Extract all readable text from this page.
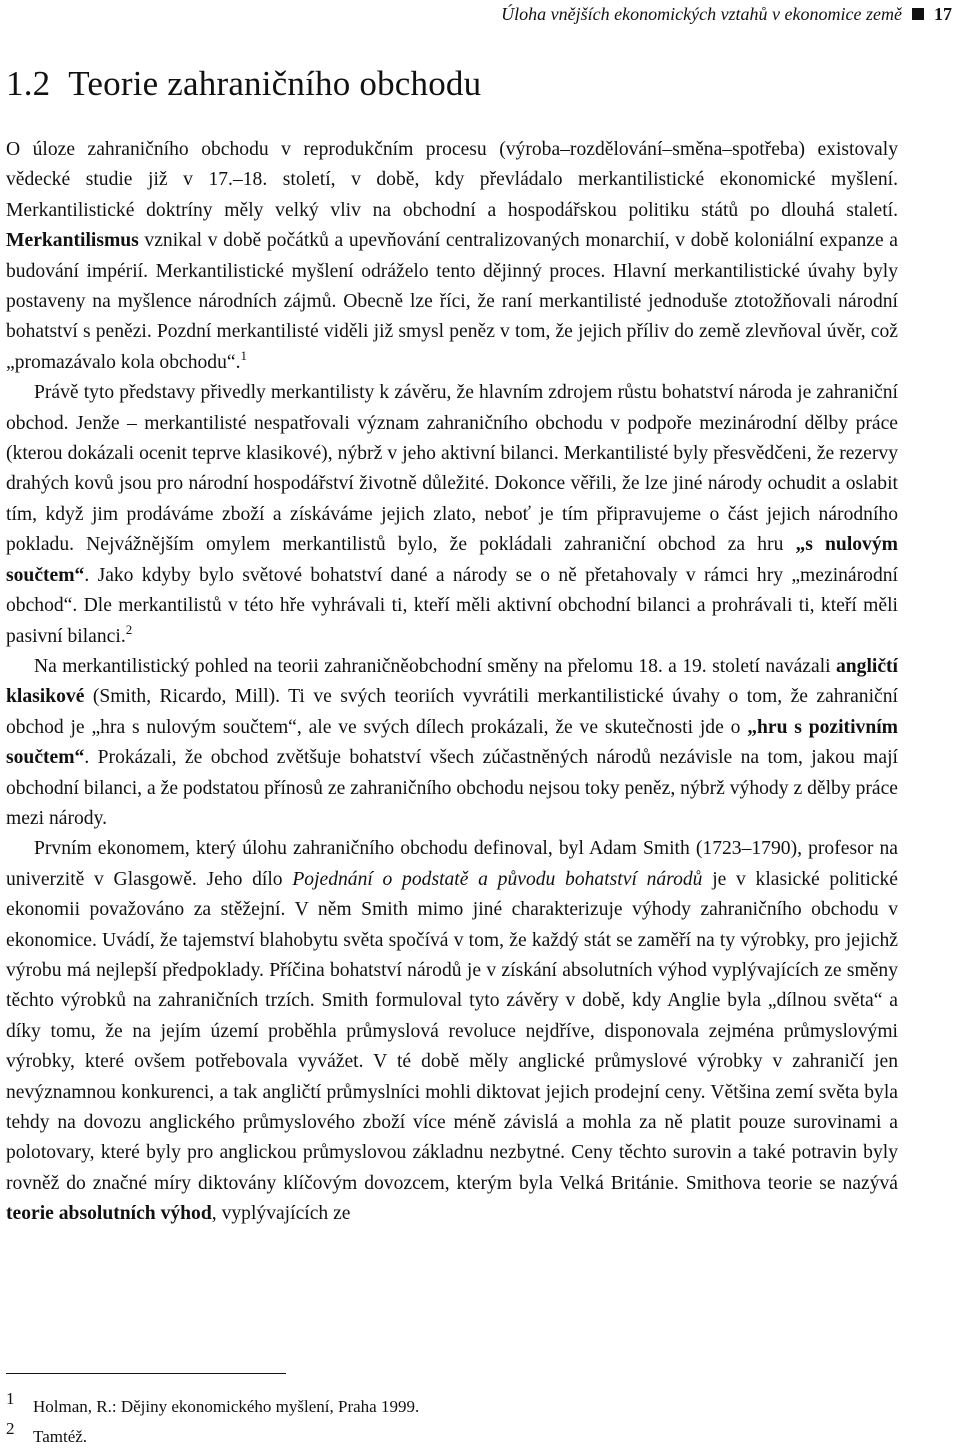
Úloha vnějších ekonomických vztahů v ekonomice země 17
1.2 Teorie zahraničního obchodu

O úloze zahraničního obchodu v reprodukčním procesu (výroba–rozdělování–směna–spotřeba) existovaly vědecké studie již v 17.–18. století, v době, kdy převládalo merkantilistické ekonomické myšlení. Merkantilistické doktríny měly velký vliv na obchodní a hospodářskou politiku států po dlouhá staletí. Merkantilismus vznikal v době počátků a upevňování centralizovaných monarchií, v době koloniální expanze a budování impérií. Merkantilistické myšlení odráželo tento dějinný proces. Hlavní merkantilistické úvahy byly postaveny na myšlence národních zájmů. Obecně lze říci, že raní merkantilisté jednoduše ztotožňovali národní bohatství s penězi. Pozdní merkantilisté viděli již smysl peněz v tom, že jejich příliv do země zlevňoval úvěr, což „promazávalo kola obchodu“.$^1$

Právě tyto představy přivedly merkantilisty k závěru, že hlavním zdrojem růstu bohatství národa je zahraniční obchod. Jenže – merkantilisté nespatřovali význam zahraničního obchodu v podpoře mezinárodní dělby práce (kterou dokázali ocenit teprve klasikové), nýbrž v jeho aktivní bilanci. Merkantilisté byly přesvědčeni, že rezervy drahých kovů jsou pro národní hospodářství životně důležité. Dokonce věřili, že lze jiné národy ochudit a oslabit tím, když jim prodáváme zboží a získáváme jejich zlato, neboť je tím připravujeme o část jejich národního pokladu. Nejvážnějším omylem merkantilistů bylo, že pokládali zahraniční obchod za hru „s nulovým součtem“. Jako kdyby bylo světové bohatství dané a národy se o ně přetahovaly v rámci hry „mezinárodní obchod“. Dle merkantilistů v této hře vyhrávali ti, kteří měli aktivní obchodní bilanci a prohrávali ti, kteří měli pasivní bilanci.$^2$

Na merkantilistický pohled na teorii zahraničněobchodní směny na přelomu 18. a 19. století navázali angličtí klasikové (Smith, Ricardo, Mill). Ti ve svých teoriích vyvrátili merkantilistické úvahy o tom, že zahraniční obchod je „hra s nulovým součtem“, ale ve svých dílech prokázali, že ve skutečnosti jde o „hru s pozitivním součtem“. Prokázali, že obchod zvětšuje bohatství všech zúčastněných národů nezávisle na tom, jakou mají obchodní bilanci, a že podstatou přínosů ze zahraničního obchodu nejsou toky peněz, nýbrž výhody z dělby práce mezi národy.

Prvním ekonomem, který úlohu zahraničního obchodu definoval, byl Adam Smith (1723–1790), profesor na univerzitě v Glasgowě. Jeho dílo Pojednání o podstatě a původu bohatství národů je v klasické politické ekonomii považováno za stěžejní. V něm Smith mimo jiné charakterizuje výhody zahraničního obchodu v ekonomice. Uvádí, že tajemství blahobytu světa spočívá v tom, že každý stát se zaměří na ty výrobky, pro jejichž výrobu má nejlepší předpoklady. Příčina bohatství národů je v získání absolutních výhod vyplývajících ze směny těchto výrobků na zahraničních trzích. Smith formuloval tyto závěry v době, kdy Anglie byla „dílnou světa“ a díky tomu, že na jejím území proběhla průmyslová revoluce nejdříve, disponovala zejména průmyslovými výrobky, které ovšem potřebovala vyvážet. V té době měly anglické průmyslové výrobky v zahraničí jen nevýznamnou konkurenci, a tak angličtí průmyslníci mohli diktovat jejich prodejní ceny. Většina zemí světa byla tehdy na dovozu anglického průmyslového zboží více méně závislá a mohla za ně platit pouze surovinami a polotovary, které byly pro anglickou průmyslovou základnu nezbytné. Ceny těchto surovin a také potravin byly rovněž do značné míry diktovány klíčovým dovozcem, kterým byla Velká Británie. Smithova teorie se nazývá teorie absolutních výhod, vyplývajících ze

1 Holman, R.: Dějiny ekonomického myšlení, Praha 1999.
2 Tamtéž.
